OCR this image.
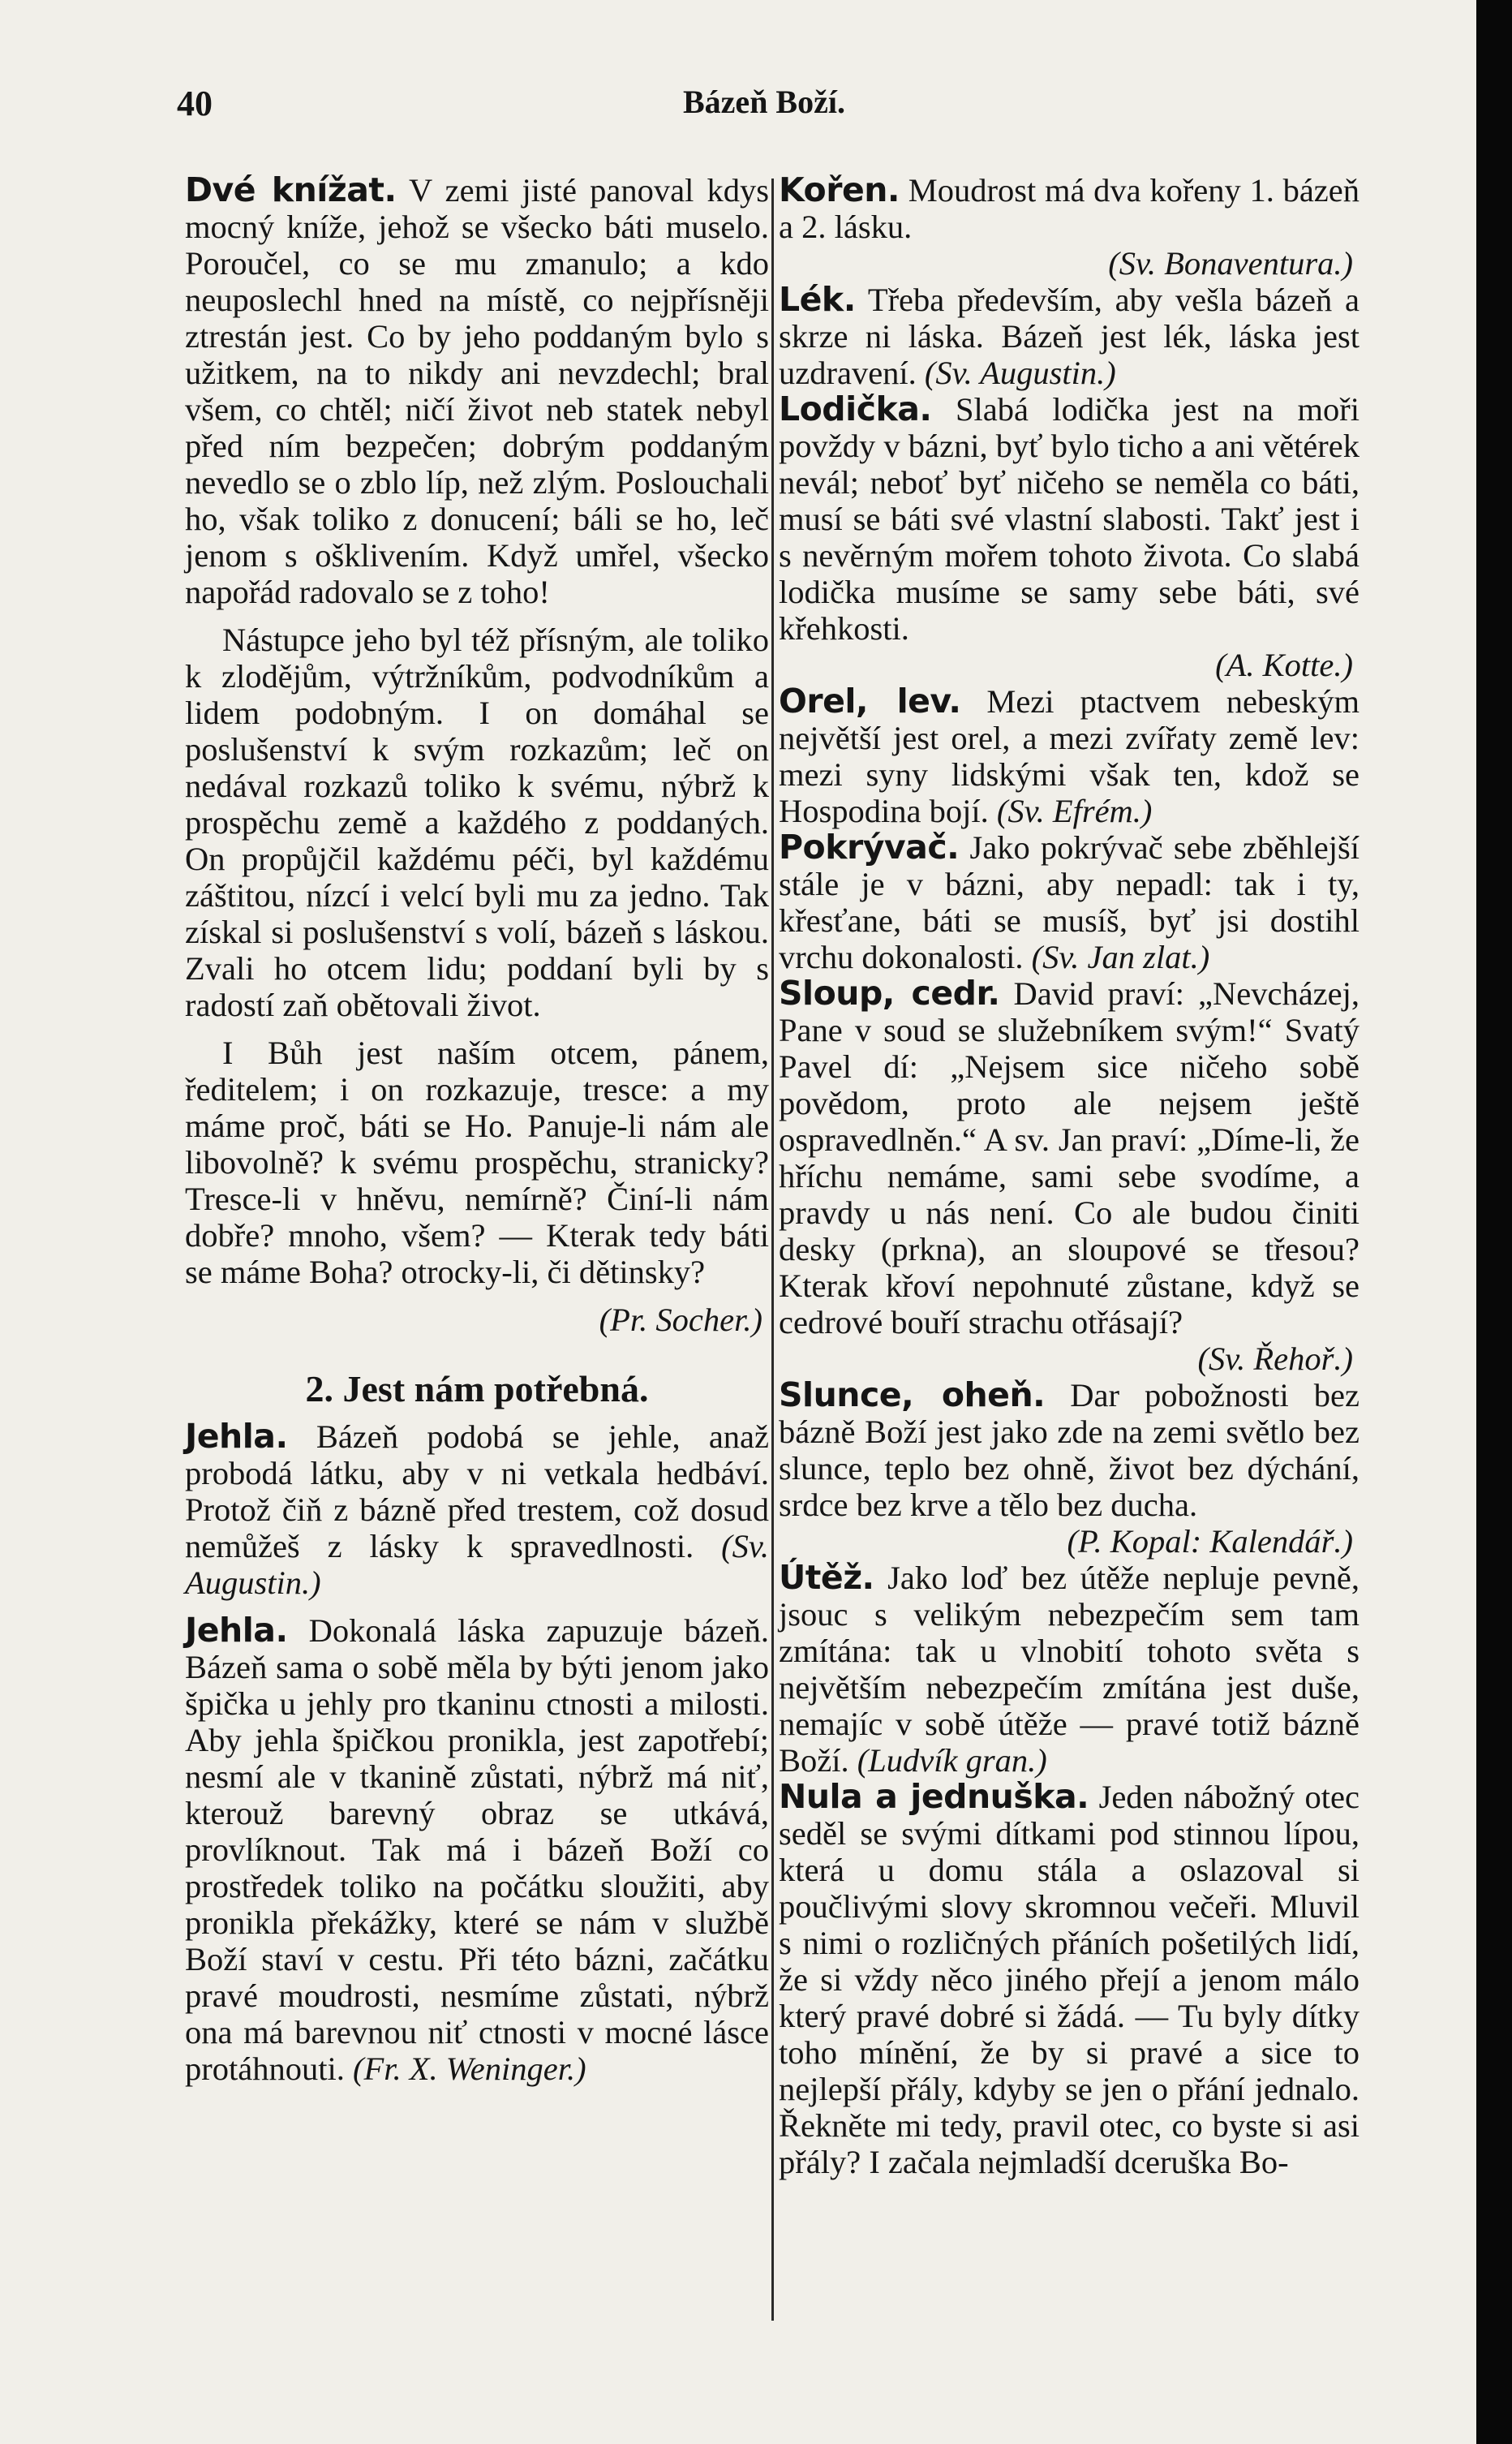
40	Bázeň Boží.

Dvé knížat. V zemi jisté panoval kdys mocný kníže, jehož se všecko báti muselo. Poroučel, co se mu zmanulo; a kdo neuposlechl hned na místě, co nejpřísněji ztrestán jest. Co by jeho poddaným bylo s užitkem, na to nikdy ani nevzdechl; bral všem, co chtěl; ničí život neb statek nebyl před ním bezpečen; dobrým poddaným nevedlo se o zblo líp, než zlým. Poslouchali ho, však toliko z donucení; báli se ho, leč jenom s ošklivením. Když umřel, všecko napořád radovalo se z toho!

Nástupce jeho byl též přísným, ale toliko k zlodějům, výtržníkům, podvodníkům a lidem podobným. I on domáhal se poslušenství k svým rozkazům; leč on nedával rozkazů toliko k svému, nýbrž k prospěchu země a každého z poddaných. On propůjčil každému péči, byl každému záštitou, nízcí i velcí byli mu za jedno. Tak získal si poslušenství s volí, bázeň s láskou. Zvali ho otcem lidu; poddaní byli by s radostí zaň obětovali život.

I Bůh jest naším otcem, pánem, ředitelem; i on rozkazuje, tresce: a my máme proč, báti se Ho. Panuje-li nám ale libovolně? k svému prospěchu, stranicky? Tresce-li v hněvu, nemírně? Činí-li nám dobře? mnoho, všem? — Kterak tedy báti se máme Boha? otrocky-li, či dětinsky?

(Pr. Socher.)

2. Jest nám potřebná.

Jehla. Bázeň podobá se jehle, anaž probodá látku, aby v ni vetkala hedbáví. Protož čiň z bázně před trestem, což dosud nemůžeš z lásky k spravedlnosti. (Sv. Augustin.)

Jehla. Dokonalá láska zapuzuje bázeň. Bázeň sama o sobě měla by býti jenom jako špička u jehly pro tkaninu ctnosti a milosti. Aby jehla špičkou pronikla, jest zapotřebí; nesmí ale v tkanině zůstati, nýbrž má niť, kterouž barevný obraz se utkává, provlíknout. Tak má i bázeň Boží co prostředek toliko na počátku sloužiti, aby pronikla překážky, které se nám v službě Boží staví v cestu. Při této bázni, začátku pravé moudrosti, nesmíme zůstati, nýbrž ona má barevnou niť ctnosti v mocné lásce protáhnouti. (Fr. X. Weninger.)

Kořen. Moudrost má dva kořeny 1. bázeň a 2. lásku.

(Sv. Bonaventura.)

Lék. Třeba především, aby vešla bázeň a skrze ni láska. Bázeň jest lék, láska jest uzdravení. (Sv. Augustin.)

Lodička. Slabá lodička jest na moři povždy v bázni, byť bylo ticho a ani větérek nevál; neboť byť ničeho se neměla co báti, musí se báti své vlastní slabosti. Takť jest i s nevěrným mořem tohoto života. Co slabá lodička musíme se samy sebe báti, své křehkosti.

(A. Kotte.)

Orel, lev. Mezi ptactvem nebeským největší jest orel, a mezi zvířaty země lev: mezi syny lidskými však ten, kdož se Hospodina bojí. (Sv. Efrém.)

Pokrývač. Jako pokrývač sebe zběhlejší stále je v bázni, aby nepadl: tak i ty, křesťane, báti se musíš, byť jsi dostihl vrchu dokonalosti. (Sv. Jan zlat.)

Sloup, cedr. David praví: „Nevcházej, Pane v soud se služebníkem svým!“ Svatý Pavel dí: „Nejsem sice ničeho sobě povědom, proto ale nejsem ještě ospravedlněn.“ A sv. Jan praví: „Díme-li, že hříchu nemáme, sami sebe svodíme, a pravdy u nás není. Co ale budou činiti desky (prkna), an sloupové se třesou? Kterak křoví nepohnuté zůstane, když se cedrové bouří strachu otřásají?

(Sv. Řehoř.)

Slunce, oheň. Dar pobožnosti bez bázně Boží jest jako zde na zemi světlo bez slunce, teplo bez ohně, život bez dýchání, srdce bez krve a tělo bez ducha.

(P. Kopal: Kalendář.)

Útěž. Jako loď bez útěže nepluje pevně, jsouc s velikým nebezpečím sem tam zmítána: tak u vlnobití tohoto světa s největším nebezpečím zmítána jest duše, nemajíc v sobě útěže — pravé totiž bázně Boží. (Ludvík gran.)

Nula a jednuška. Jeden nábožný otec seděl se svými dítkami pod stinnou lípou, která u domu stála a oslazoval si poučlivými slovy skromnou večeři. Mluvil s nimi o rozličných přáních pošetilých lidí, že si vždy něco jiného přejí a jenom málo který pravé dobré si žádá. — Tu byly dítky toho mínění, že by si pravé a sice to nejlepší přály, kdyby se jen o přání jednalo. Řekněte mi tedy, pravil otec, co byste si asi přály? I začala nejmladší dceruška Bo-
